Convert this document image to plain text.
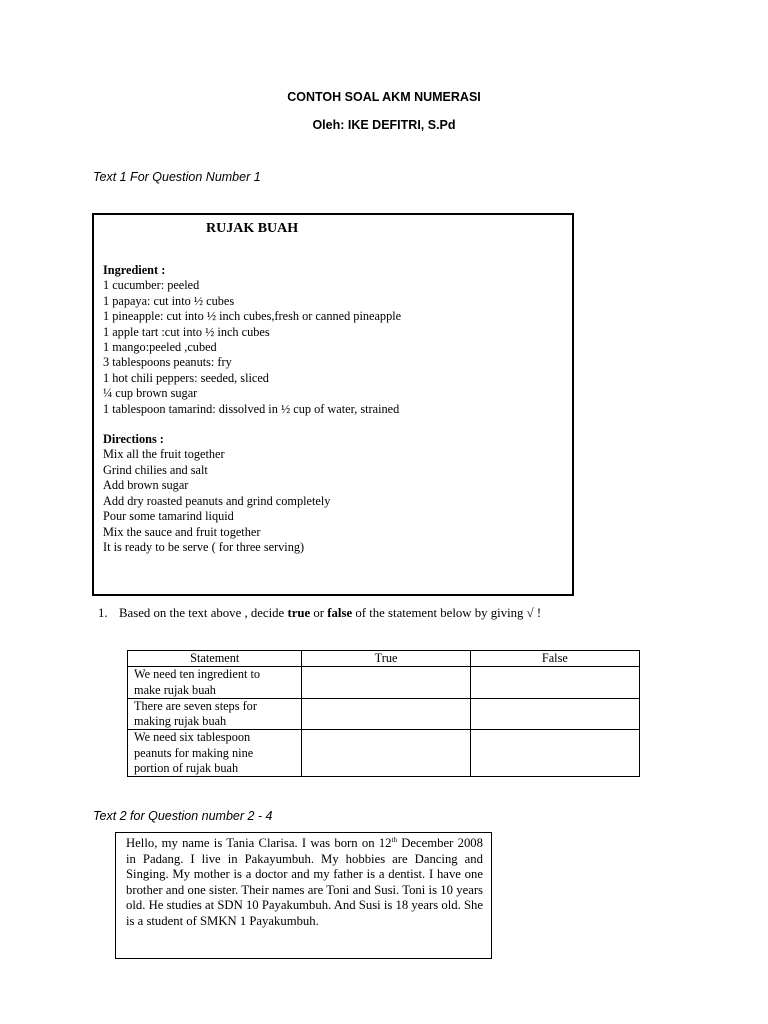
CONTOH SOAL AKM NUMERASI
Oleh: IKE DEFITRI, S.Pd
Text 1 For Question Number 1
RUJAK BUAH
Ingredient :
1 cucumber: peeled
1 papaya: cut into ½ cubes
1 pineapple: cut into ½ inch cubes,fresh or canned pineapple
1 apple tart :cut into ½ inch cubes
1 mango:peeled ,cubed
3 tablespoons peanuts: fry
1 hot chili peppers: seeded, sliced
¼ cup brown sugar
1 tablespoon tamarind: dissolved in ½ cup of water, strained
Directions :
Mix all the fruit together
Grind chilies and salt
Add brown sugar
Add dry roasted peanuts and grind completely
Pour some tamarind liquid
Mix the sauce and fruit together
It is ready to be serve ( for three serving)
1. Based on the text above , decide true or false of the statement below by giving √ !
Statement	True	False

We need ten ingredient to
make rujak buah		

There are seven steps for
making rujak buah		

We need six tablespoon
peanuts for making nine
portion of rujak buah		

Text 2 for Question number 2 - 4
Hello, my name is Tania Clarisa. I was born on 12th December 2008 in Padang. I live in Pakayumbuh. My hobbies are Dancing and Singing. My mother is a doctor and my father is a dentist. I have one brother and one sister. Their names are Toni and Susi. Toni is 10 years old. He studies at SDN 10 Payakumbuh. And Susi is 18 years old. She is a student of SMKN 1 Payakumbuh.
